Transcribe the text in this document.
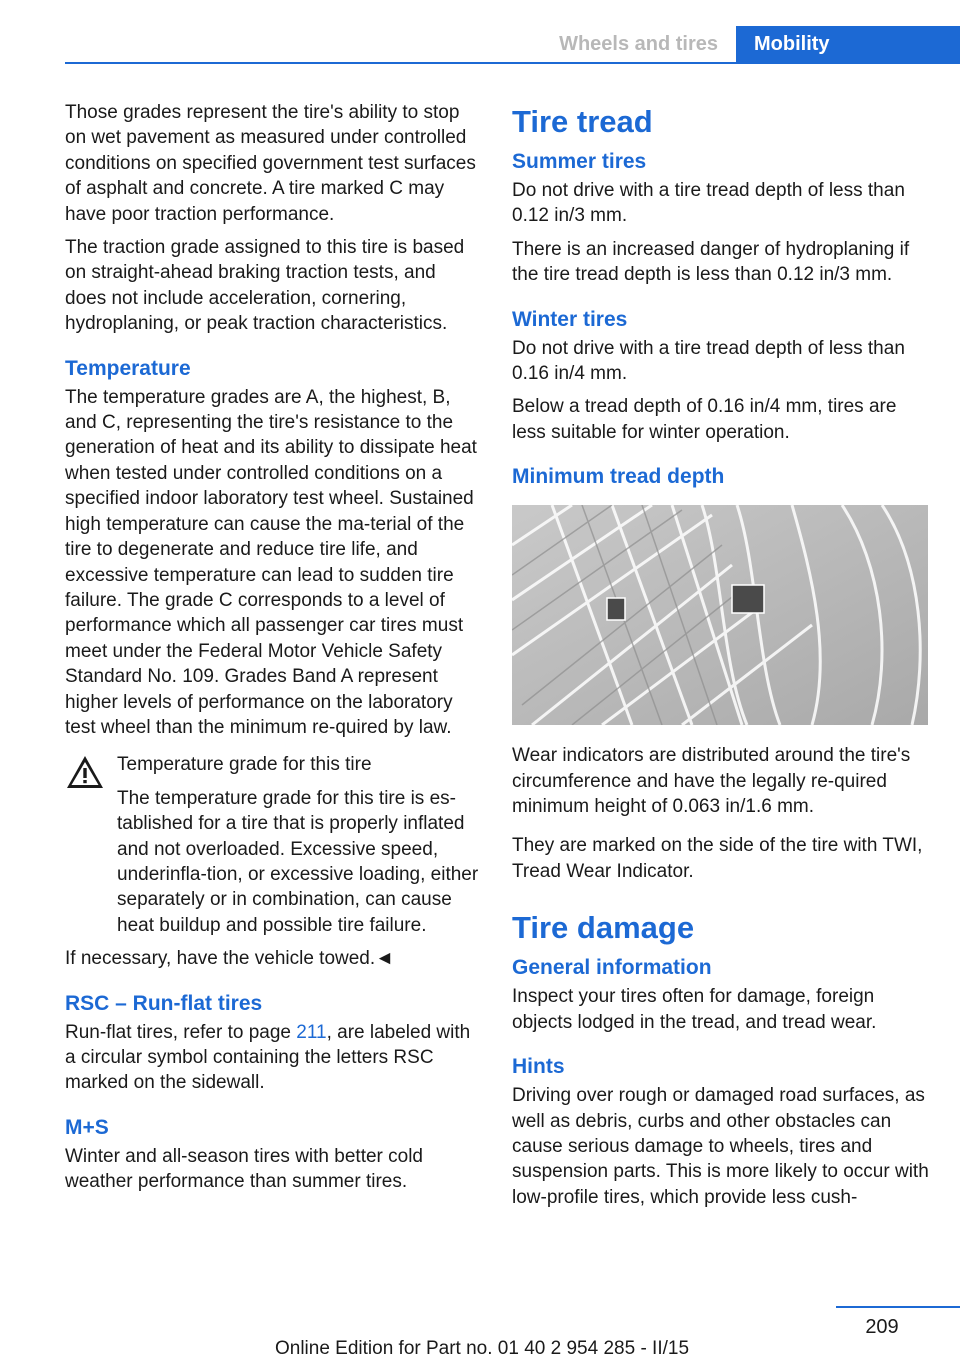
Wheels and tires	Mobility

Those grades represent the tire's ability to stop on wet pavement as measured under controlled conditions on specified government test surfaces of asphalt and concrete. A tire marked C may have poor traction performance.

The traction grade assigned to this tire is based on straight-ahead braking traction tests, and does not include acceleration, cornering, hydroplaning, or peak traction characteristics.

Temperature

The temperature grades are A, the highest, B, and C, representing the tire's resistance to the generation of heat and its ability to dissipate heat when tested under controlled conditions on a specified indoor laboratory test wheel. Sustained high temperature can cause the ma‐terial of the tire to degenerate and reduce tire life, and excessive temperature can lead to sudden tire failure. The grade C corresponds to a level of performance which all passenger car tires must meet under the Federal Motor Vehicle Safety Standard No. 109. Grades Band A represent higher levels of performance on the laboratory test wheel than the minimum re‐quired by law.

Temperature grade for this tire

The temperature grade for this tire is es‐tablished for a tire that is properly inflated and not overloaded. Excessive speed, underinfla‐tion, or excessive loading, either separately or in combination, can cause heat buildup and possible tire failure.

If necessary, have the vehicle towed.◄

RSC – Run-flat tires

Run-flat tires, refer to page 211, are labeled with a circular symbol containing the letters RSC marked on the sidewall.

M+S

Winter and all-season tires with better cold weather performance than summer tires.

Tire tread
Summer tires

Do not drive with a tire tread depth of less than 0.12 in/3 mm.

There is an increased danger of hydroplaning if the tire tread depth is less than 0.12 in/3 mm.

Winter tires

Do not drive with a tire tread depth of less than 0.16 in/4 mm.

Below a tread depth of 0.16 in/4 mm, tires are less suitable for winter operation.

Minimum tread depth

Wear indicators are distributed around the tire's circumference and have the legally re‐quired minimum height of 0.063 in/1.6 mm.

They are marked on the side of the tire with TWI, Tread Wear Indicator.

Tire damage
General information

Inspect your tires often for damage, foreign objects lodged in the tread, and tread wear.

Hints

Driving over rough or damaged road surfaces, as well as debris, curbs and other obstacles can cause serious damage to wheels, tires and suspension parts. This is more likely to occur with low-profile tires, which provide less cush‐

209
Online Edition for Part no. 01 40 2 954 285 - II/15
